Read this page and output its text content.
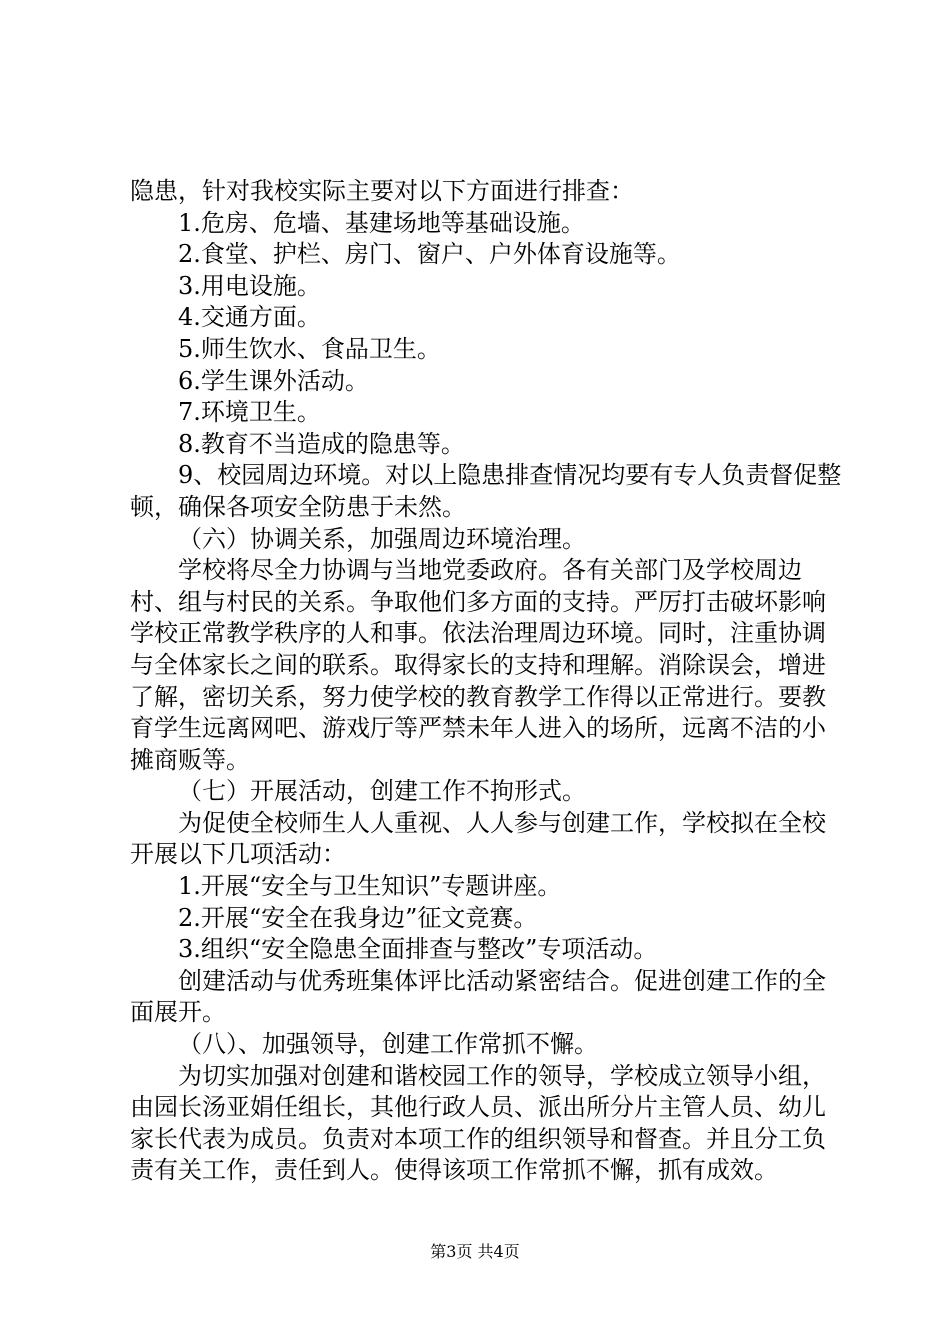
隐患，针对我校实际主要对以下方面进行排查：

1.危房、危墙、基建场地等基础设施。

2.食堂、护栏、房门、窗户、户外体育设施等。

3.用电设施。

4.交通方面。

5.师生饮水、食品卫生。

6.学生课外活动。

7.环境卫生。

8.教育不当造成的隐患等。

9、校园周边环境。对以上隐患排查情况均要有专人负责督促整顿，确保各项安全防患于未然。

（六）协调关系，加强周边环境治理。

学校将尽全力协调与当地党委政府。各有关部门及学校周边村、组与村民的关系。争取他们多方面的支持。严厉打击破坏影响学校正常教学秩序的人和事。依法治理周边环境。同时，注重协调与全体家长之间的联系。取得家长的支持和理解。消除误会，增进了解，密切关系，努力使学校的教育教学工作得以正常进行。要教育学生远离网吧、游戏厅等严禁未年人进入的场所，远离不洁的小摊商贩等。

（七）开展活动，创建工作不拘形式。

为促使全校师生人人重视、人人参与创建工作，学校拟在全校开展以下几项活动：

1.开展“安全与卫生知识”专题讲座。

2.开展“安全在我身边”征文竞赛。

3.组织“安全隐患全面排查与整改”专项活动。

创建活动与优秀班集体评比活动紧密结合。促进创建工作的全面展开。

（八）、加强领导，创建工作常抓不懈。

为切实加强对创建和谐校园工作的领导，学校成立领导小组，由园长汤亚娟任组长，其他行政人员、派出所分片主管人员、幼儿家长代表为成员。负责对本项工作的组织领导和督查。并且分工负责有关工作，责任到人。使得该项工作常抓不懈，抓有成效。

第3页 共4页
